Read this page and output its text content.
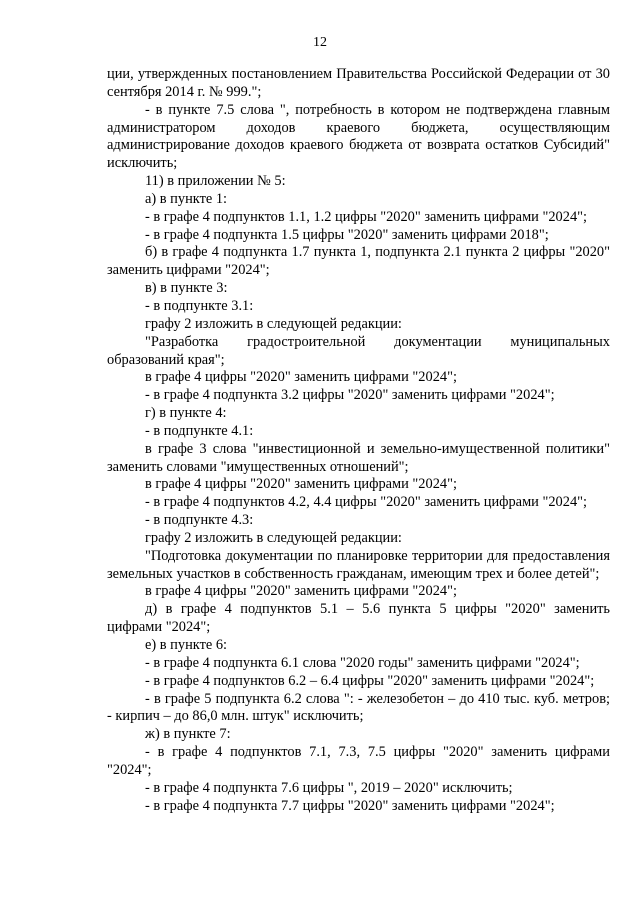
12

ции, утвержденных постановлением Правительства Российской Федерации от 30 сентября 2014 г. № 999.";

- в пункте 7.5 слова ", потребность в котором не подтверждена главным администратором доходов краевого бюджета, осуществляющим администрирование доходов краевого бюджета от возврата остатков Субсидий" исключить;

11) в приложении № 5:

а) в пункте 1:

- в графе 4 подпунктов 1.1, 1.2 цифры "2020" заменить цифрами "2024";

- в графе 4 подпункта 1.5 цифры "2020" заменить цифрами 2018";

б) в графе 4 подпункта 1.7 пункта 1, подпункта 2.1 пункта 2 цифры "2020" заменить цифрами "2024";

в) в пункте 3:

- в подпункте 3.1:

графу 2 изложить в следующей редакции:

"Разработка градостроительной документации муниципальных образований края";

в графе 4 цифры "2020" заменить цифрами "2024";

- в графе 4 подпункта 3.2 цифры "2020" заменить цифрами "2024";

г) в пункте 4:

- в подпункте 4.1:

в графе 3 слова "инвестиционной и земельно-имущественной политики" заменить словами "имущественных отношений";

в графе 4 цифры "2020" заменить цифрами "2024";

- в графе 4 подпунктов 4.2, 4.4 цифры "2020" заменить цифрами "2024";

- в подпункте 4.3:

графу 2 изложить в следующей редакции:

"Подготовка документации по планировке территории для предоставления земельных участков в собственность гражданам, имеющим трех и более детей";

в графе 4 цифры "2020" заменить цифрами "2024";

д) в графе 4 подпунктов 5.1 – 5.6 пункта 5 цифры "2020" заменить цифрами "2024";

е) в пункте 6:

- в графе 4 подпункта 6.1 слова "2020 годы" заменить цифрами "2024";

- в графе 4 подпунктов 6.2 – 6.4 цифры "2020" заменить цифрами "2024";

- в графе 5 подпункта 6.2 слова ": - железобетон – до 410 тыс. куб. метров; - кирпич – до 86,0 млн. штук" исключить;

ж) в пункте 7:

- в графе 4 подпунктов 7.1, 7.3, 7.5 цифры "2020" заменить цифрами "2024";

- в графе 4 подпункта 7.6 цифры ", 2019 – 2020" исключить;

- в графе 4 подпункта 7.7 цифры "2020" заменить цифрами "2024";
